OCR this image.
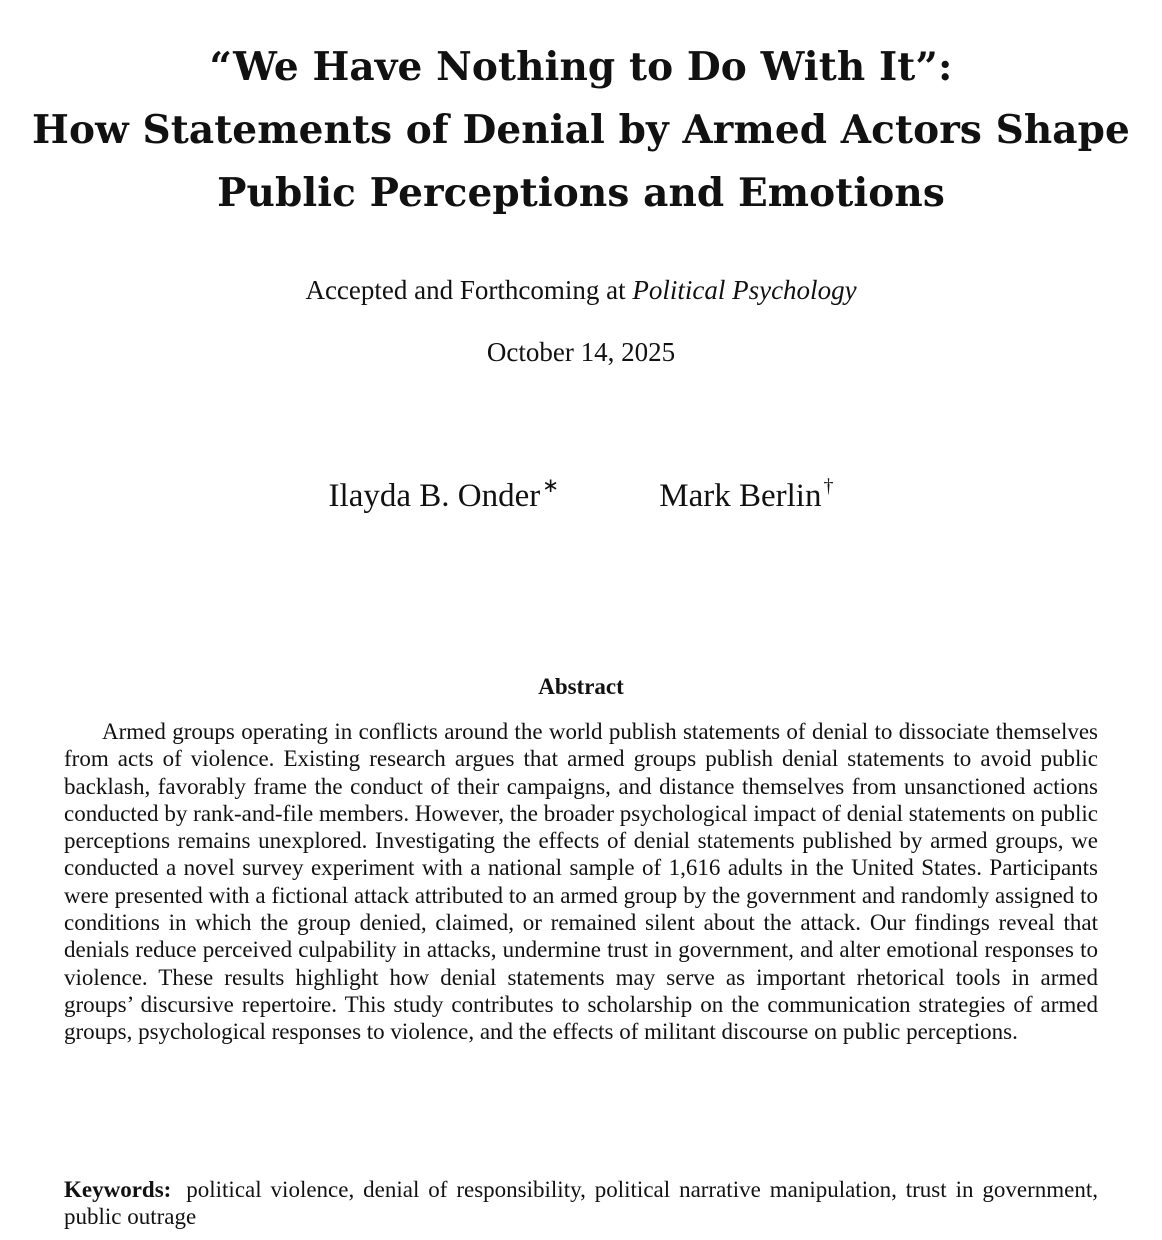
“We Have Nothing to Do With It”:
How Statements of Denial by Armed Actors Shape
Public Perceptions and Emotions
Accepted and Forthcoming at Political Psychology
October 14, 2025
Ilayda B. Onder ∗	Mark Berlin †
Abstract

Armed groups operating in conflicts around the world publish statements of denial to dissociate themselves from acts of violence. Existing research argues that armed groups publish denial statements to avoid public backlash, favorably frame the conduct of their campaigns, and distance themselves from unsanctioned actions conducted by rank-and-file members. However, the broader psychological impact of denial statements on public perceptions remains unexplored. Investigating the effects of denial statements published by armed groups, we conducted a novel survey experiment with a national sample of 1,616 adults in the United States. Participants were presented with a fictional attack attributed to an armed group by the government and randomly assigned to conditions in which the group denied, claimed, or remained silent about the attack. Our findings reveal that denials reduce perceived culpability in attacks, undermine trust in government, and alter emotional responses to violence. These results highlight how denial statements may serve as important rhetorical tools in armed groups’ discursive repertoire. This study contributes to scholarship on the communication strategies of armed groups, psychological responses to violence, and the effects of militant discourse on public perceptions.

Keywords: political violence, denial of responsibility, political narrative manipulation, trust in government, public outrage
